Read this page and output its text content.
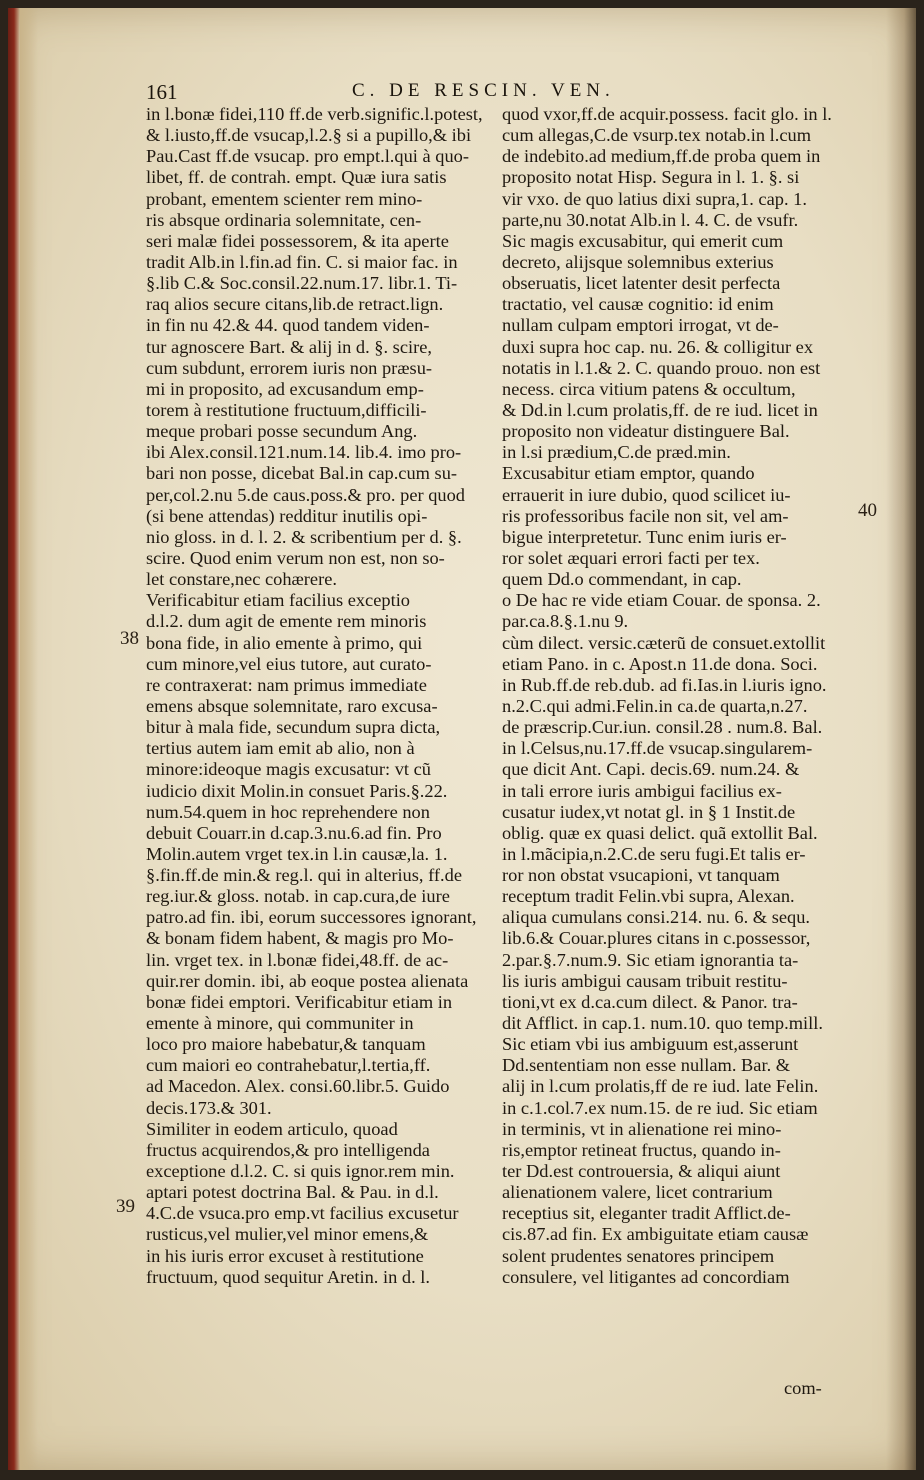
161	C. DE RESCIN. VEN.
in l.bonæ fidei,110 ff.de verb.signific.l.potest,
& l.iusto,ff.de vsucap,l.2.§ si a pupillo,& ibi
Pau.Cast ff.de vsucap. pro empt.l.qui à quo-
libet, ff. de contrah. empt. Quæ iura satis
probant, ementem scienter rem mino-
ris absque ordinaria solemnitate, cen-
seri malæ fidei possessorem, & ita aperte
tradit Alb.in l.fin.ad fin. C. si maior fac. in
§.lib C.& Soc.consil.22.num.17. libr.1. Ti-
raq alios secure citans,lib.de retract.lign.
in fin nu 42.& 44. quod tandem viden-
tur agnoscere Bart. & alij in d. §. scire,
cum subdunt, errorem iuris non præsu-
mi in proposito, ad excusandum emp-
torem à restitutione fructuum,difficili-
meque probari posse secundum Ang.
ibi Alex.consil.121.num.14. lib.4. imo pro-
bari non posse, dicebat Bal.in cap.cum su-
per,col.2.nu 5.de caus.poss.& pro. per quod
(si bene attendas) redditur inutilis opi-
nio gloss. in d. l. 2. & scribentium per d. §.
scire. Quod enim verum non est, non so-
let constare,nec cohærere.
Verificabitur etiam facilius exceptio
d.l.2. dum agit de emente rem minoris
bona fide, in alio emente à primo, qui
cum minore,vel eius tutore, aut curato-
re contraxerat: nam primus immediate
emens absque solemnitate, raro excusa-
bitur à mala fide, secundum supra dicta,
tertius autem iam emit ab alio, non à
minore:ideoque magis excusatur: vt cũ
iudicio dixit Molin.in consuet Paris.§.22.
num.54.quem in hoc reprehendere non
debuit Couarr.in d.cap.3.nu.6.ad fin. Pro
Molin.autem vrget tex.in l.in causæ,la. 1.
§.fin.ff.de min.& reg.l. qui in alterius, ff.de
reg.iur.& gloss. notab. in cap.cura,de iure
patro.ad fin. ibi, eorum successores ignorant,
& bonam fidem habent, & magis pro Mo-
lin. vrget tex. in l.bonæ fidei,48.ff. de ac-
quir.rer domin. ibi, ab eoque postea alienata
bonæ fidei emptori. Verificabitur etiam in
emente à minore, qui communiter in
loco pro maiore habebatur,& tanquam
cum maiori eo contrahebatur,l.tertia,ff.
ad Macedon. Alex. consi.60.libr.5. Guido
decis.173.& 301.
Similiter in eodem articulo, quoad
fructus acquirendos,& pro intelligenda
exceptione d.l.2. C. si quis ignor.rem min.
aptari potest doctrina Bal. & Pau. in d.l.
4.C.de vsuca.pro emp.vt facilius excusetur
rusticus,vel mulier,vel minor emens,&
in his iuris error excuset à restitutione
fructuum, quod sequitur Aretin. in d. l.
quod vxor,ff.de acquir.possess. facit glo. in l.
cum allegas,C.de vsurp.tex notab.in l.cum
de indebito.ad medium,ff.de proba quem in
proposito notat Hisp. Segura in l. 1. §. si
vir vxo. de quo latius dixi supra,1. cap. 1.
parte,nu 30.notat Alb.in l. 4. C. de vsufr.
Sic magis excusabitur, qui emerit cum
decreto, alijsque solemnibus exterius
obseruatis, licet latenter desit perfecta
tractatio, vel causæ cognitio: id enim
nullam culpam emptori irrogat, vt de-
duxi supra hoc cap. nu. 26. & colligitur ex
notatis in l.1.& 2. C. quando prouo. non est
necess. circa vitium patens & occultum,
& Dd.in l.cum prolatis,ff. de re iud. licet in
proposito non videatur distinguere Bal.
in l.si prædium,C.de præd.min.
Excusabitur etiam emptor, quando
errauerit in iure dubio, quod scilicet iu-
ris professoribus facile non sit, vel am-
bigue interpretetur. Tunc enim iuris er-
ror solet æquari errori facti per tex.
quem Dd.o commendant, in cap.
o De hac re vide etiam Couar. de sponsa. 2.
par.ca.8.§.1.nu 9.
cùm dilect. versic.cæterũ de consuet.extollit
etiam Pano. in c. Apost.n 11.de dona. Soci.
in Rub.ff.de reb.dub. ad fi.Ias.in l.iuris igno.
n.2.C.qui admi.Felin.in ca.de quarta,n.27.
de præscrip.Cur.iun. consil.28 . num.8. Bal.
in l.Celsus,nu.17.ff.de vsucap.singularem-
que dicit Ant. Capi. decis.69. num.24. &
in tali errore iuris ambigui facilius ex-
cusatur iudex,vt notat gl. in § 1 Instit.de
oblig. quæ ex quasi delict. quã extollit Bal.
in l.mãcipia,n.2.C.de seru fugi.Et talis er-
ror non obstat vsucapioni, vt tanquam
receptum tradit Felin.vbi supra, Alexan.
aliqua cumulans consi.214. nu. 6. & sequ.
lib.6.& Couar.plures citans in c.possessor,
2.par.§.7.num.9. Sic etiam ignorantia ta-
lis iuris ambigui causam tribuit restitu-
tioni,vt ex d.ca.cum dilect. & Panor. tra-
dit Afflict. in cap.1. num.10. quo temp.mill.
Sic etiam vbi ius ambiguum est,asserunt
Dd.sententiam non esse nullam. Bar. &
alij in l.cum prolatis,ff de re iud. late Felin.
in c.1.col.7.ex num.15. de re iud. Sic etiam
in terminis, vt in alienatione rei mino-
ris,emptor retineat fructus, quando in-
ter Dd.est controuersia, & aliqui aiunt
alienationem valere, licet contrarium
receptius sit, eleganter tradit Afflict.de-
cis.87.ad fin. Ex ambiguitate etiam causæ
solent prudentes senatores principem
consulere, vel litigantes ad concordiam
38
39
40
com-
